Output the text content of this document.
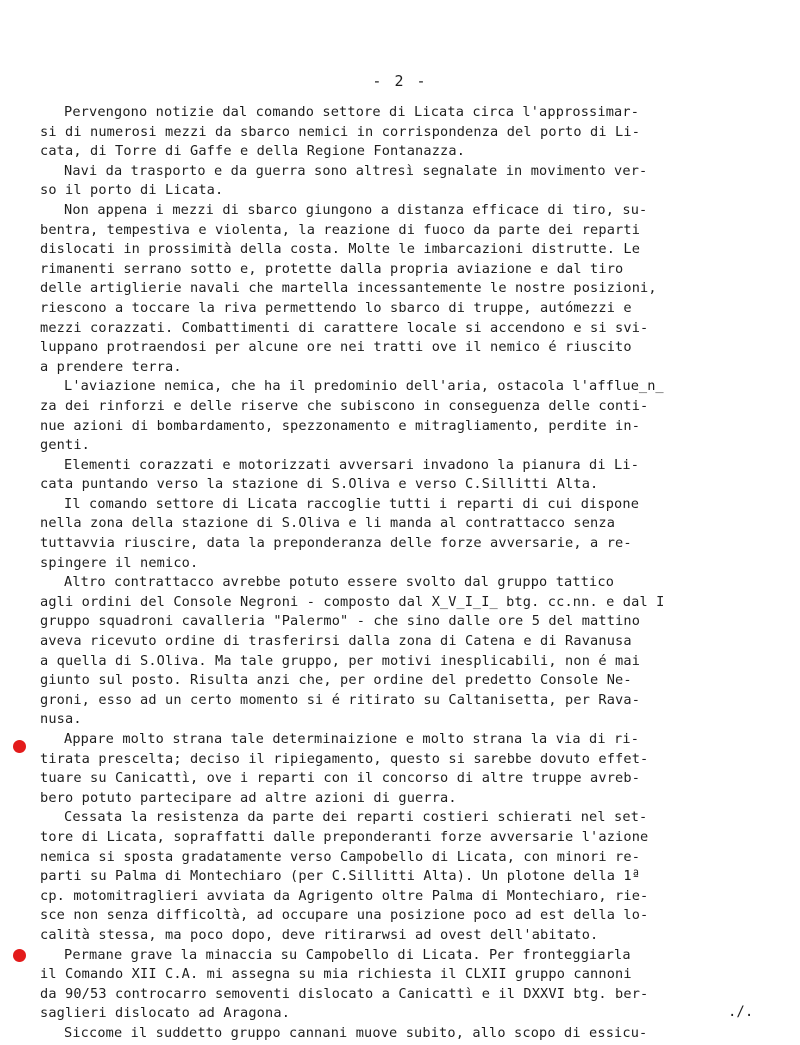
- 2 -
Pervengono notizie dal comando settore di Licata circa l'approssimar-
si di numerosi mezzi da sbarco nemici in corrispondenza del porto di Li-
cata, di Torre di Gaffe e della Regione Fontanazza.
Navi da trasporto e da guerra sono altresì segnalate in movimento ver-
so il porto di Licata.
Non appena i mezzi di sbarco giungono a distanza efficace di tiro, su-
bentra, tempestiva e violenta, la reazione di fuoco da parte dei reparti
dislocati in prossimità della costa. Molte le imbarcazioni distrutte. Le
rimanenti serrano sotto e, protette dalla propria aviazione e dal tiro
delle artiglierie navali che martella incessantemente le nostre posizioni,
riescono a toccare la riva permettendo lo sbarco di truppe, autómezzi e
mezzi corazzati. Combattimenti di carattere locale si accendono e si svi-
luppano protraendosi per alcune ore nei tratti ove il nemico é riuscito
a prendere terra.
L'aviazione nemica, che ha il predominio dell'aria, ostacola l'afflue̲n̲
za dei rinforzi e delle riserve che subiscono in conseguenza delle conti-
nue azioni di bombardamento, spezzonamento e mitragliamento, perdite in-
genti.
Elementi corazzati e motorizzati avversari invadono la pianura di Li-
cata puntando verso la stazione di S.Oliva e verso C.Sillitti Alta.
Il comando settore di Licata raccoglie tutti i reparti di cui dispone
nella zona della stazione di S.Oliva e li manda al contrattacco senza
tuttavvia riuscire, data la preponderanza delle forze avversarie, a re-
spingere il nemico.
Altro contrattacco avrebbe potuto essere svolto dal gruppo tattico
agli ordini del Console Negroni - composto dal X̲V̲I̲I̲ btg. cc.nn. e dal I
gruppo squadroni cavalleria "Palermo" - che sino dalle ore 5 del mattino
aveva ricevuto ordine di trasferirsi dalla zona di Catena e di Ravanusa
a quella di S.Oliva. Ma tale gruppo, per motivi inesplicabili, non é mai
giunto sul posto. Risulta anzi che, per ordine del predetto Console Ne-
groni, esso ad un certo momento si é ritirato su Caltanisetta, per Rava-
nusa.
Appare molto strana tale determinaizione e molto strana la via di ri-
tirata prescelta; deciso il ripiegamento, questo si sarebbe dovuto effet-
tuare su Canicattì, ove i reparti con il concorso di altre truppe avreb-
bero potuto partecipare ad altre azioni di guerra.
Cessata la resistenza da parte dei reparti costieri schierati nel set-
tore di Licata, sopraffatti dalle preponderanti forze avversarie l'azione
nemica si sposta gradatamente verso Campobello di Licata, con minori re-
parti su Palma di Montechiaro (per C.Sillitti Alta). Un plotone della 1ª
cp. motomitraglieri avviata da Agrigento oltre Palma di Montechiaro, rie-
sce non senza difficoltà, ad occupare una posizione poco ad est della lo-
calità stessa, ma poco dopo, deve ritirarwsi ad ovest dell'abitato.
Permane grave la minaccia su Campobello di Licata. Per fronteggiarla
il Comando XII C.A. mi assegna su mia richiesta il CLXII gruppo cannoni
da 90/53 controcarro semoventi dislocato a Canicattì e il DXXVI btg. ber-
saglieri dislocato ad Aragona.
Siccome il suddetto gruppo cannani muove subito, allo scopo di essicu-
./.
